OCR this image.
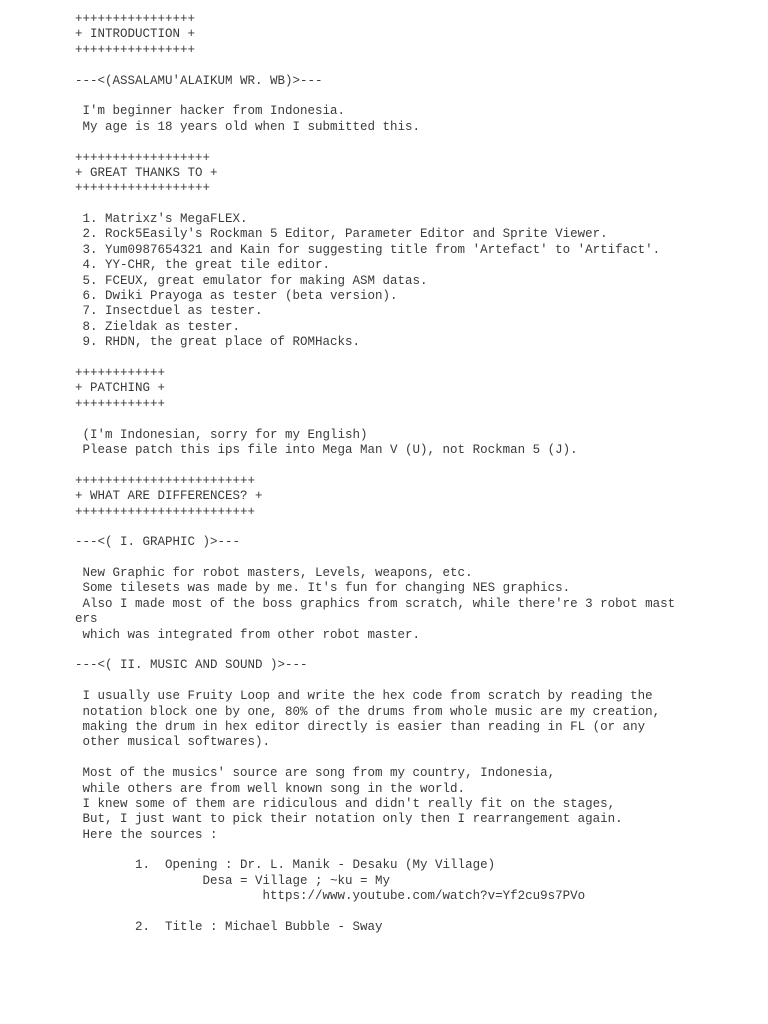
++++++++++++++++
+ INTRODUCTION +
++++++++++++++++
---<(ASSALAMU'ALAIKUM WR. WB)>---
I'm beginner hacker from Indonesia.
My age is 18 years old when I submitted this.
++++++++++++++++++
+ GREAT THANKS TO +
++++++++++++++++++
1. Matrixz's MegaFLEX.
2. Rock5Easily's Rockman 5 Editor, Parameter Editor and Sprite Viewer.
3. Yum0987654321 and Kain for suggesting title from 'Artefact' to 'Artifact'.
4. YY-CHR, the great tile editor.
5. FCEUX, great emulator for making ASM datas.
6. Dwiki Prayoga as tester (beta version).
7. Insectduel as tester.
8. Zieldak as tester.
9. RHDN, the great place of ROMHacks.
++++++++++++
+ PATCHING +
++++++++++++
(I'm Indonesian, sorry for my English)
Please patch this ips file into Mega Man V (U), not Rockman 5 (J).
++++++++++++++++++++++++
+ WHAT ARE DIFFERENCES? +
++++++++++++++++++++++++
---<( I. GRAPHIC )>---
New Graphic for robot masters, Levels, weapons, etc.
Some tilesets was made by me. It's fun for changing NES graphics.
Also I made most of the boss graphics from scratch, while there're 3 robot mast
ers
which was integrated from other robot master.
---<( II. MUSIC AND SOUND )>---
I usually use Fruity Loop and write the hex code from scratch by reading the
notation block one by one, 80% of the drums from whole music are my creation,
making the drum in hex editor directly is easier than reading in FL (or any
other musical softwares).
Most of the musics' source are song from my country, Indonesia,
while others are from well known song in the world.
I knew some of them are ridiculous and didn't really fit on the stages,
But, I just want to pick their notation only then I rearrangement again.
Here the sources :
1.  Opening : Dr. L. Manik - Desaku (My Village)
Desa = Village ; ~ku = My
https://www.youtube.com/watch?v=Yf2cu9s7PVo
2.  Title : Michael Bubble - Sway
